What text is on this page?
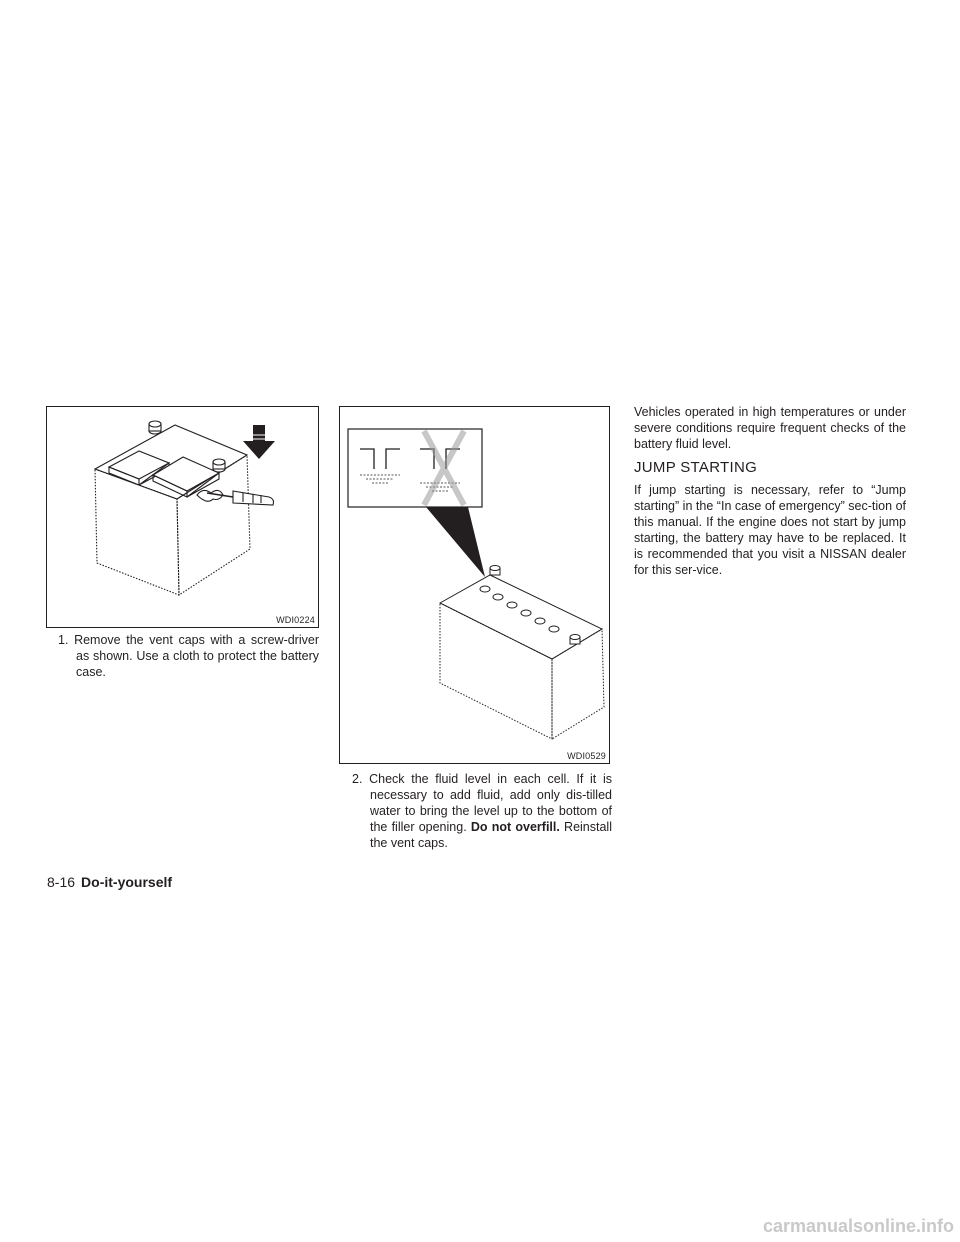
WDI0224
1. Remove the vent caps with a screw-driver as shown. Use a cloth to protect the battery case.
WDI0529
2. Check the fluid level in each cell. If it is necessary to add fluid, add only dis-tilled water to bring the level up to the bottom of the filler opening. Do not overfill. Reinstall the vent caps.
Vehicles operated in high temperatures or under severe conditions require frequent checks of the battery fluid level.
JUMP STARTING
If jump starting is necessary, refer to “Jump starting” in the “In case of emergency” sec-tion of this manual. If the engine does not start by jump starting, the battery may have to be replaced. It is recommended that you visit a NISSAN dealer for this ser-vice.
8-16 Do-it-yourself
carmanualsonline.info
